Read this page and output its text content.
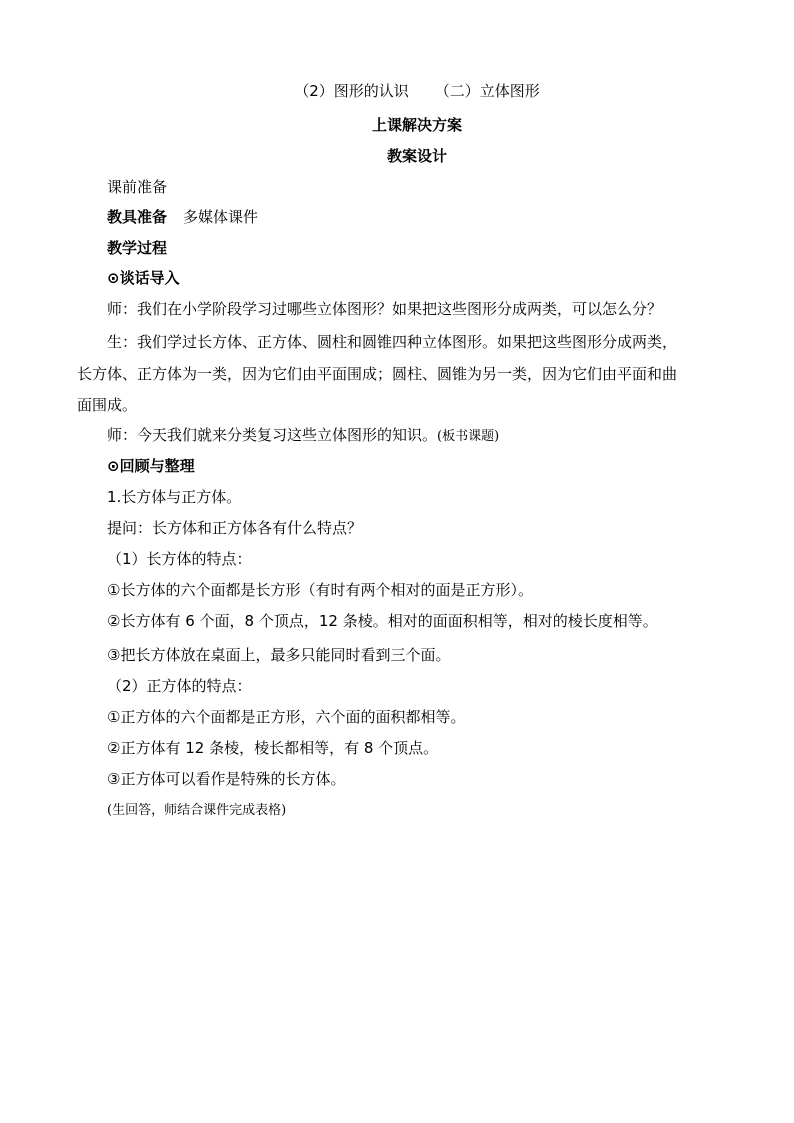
（2）图形的认识 （二）立体图形
上课解决方案
教案设计
课前准备
教具准备 多媒体课件
教学过程
⊙谈话导入
师：我们在小学阶段学习过哪些立体图形？如果把这些图形分成两类，可以怎么分？
生：我们学过长方体、正方体、圆柱和圆锥四种立体图形。如果把这些图形分成两类，
长方体、正方体为一类，因为它们由平面围成；圆柱、圆锥为另一类，因为它们由平面和曲
面围成。
师：今天我们就来分类复习这些立体图形的知识。(板书课题)
⊙回顾与整理
1.长方体与正方体。
提问：长方体和正方体各有什么特点？
（1）长方体的特点：
①长方体的六个面都是长方形（有时有两个相对的面是正方形）。
②长方体有 6 个面，8 个顶点，12 条棱。相对的面面积相等，相对的棱长度相等。
③把长方体放在桌面上，最多只能同时看到三个面。
（2）正方体的特点：
①正方体的六个面都是正方形，六个面的面积都相等。
②正方体有 12 条棱，棱长都相等，有 8 个顶点。
③正方体可以看作是特殊的长方体。
(生回答，师结合课件完成表格)
